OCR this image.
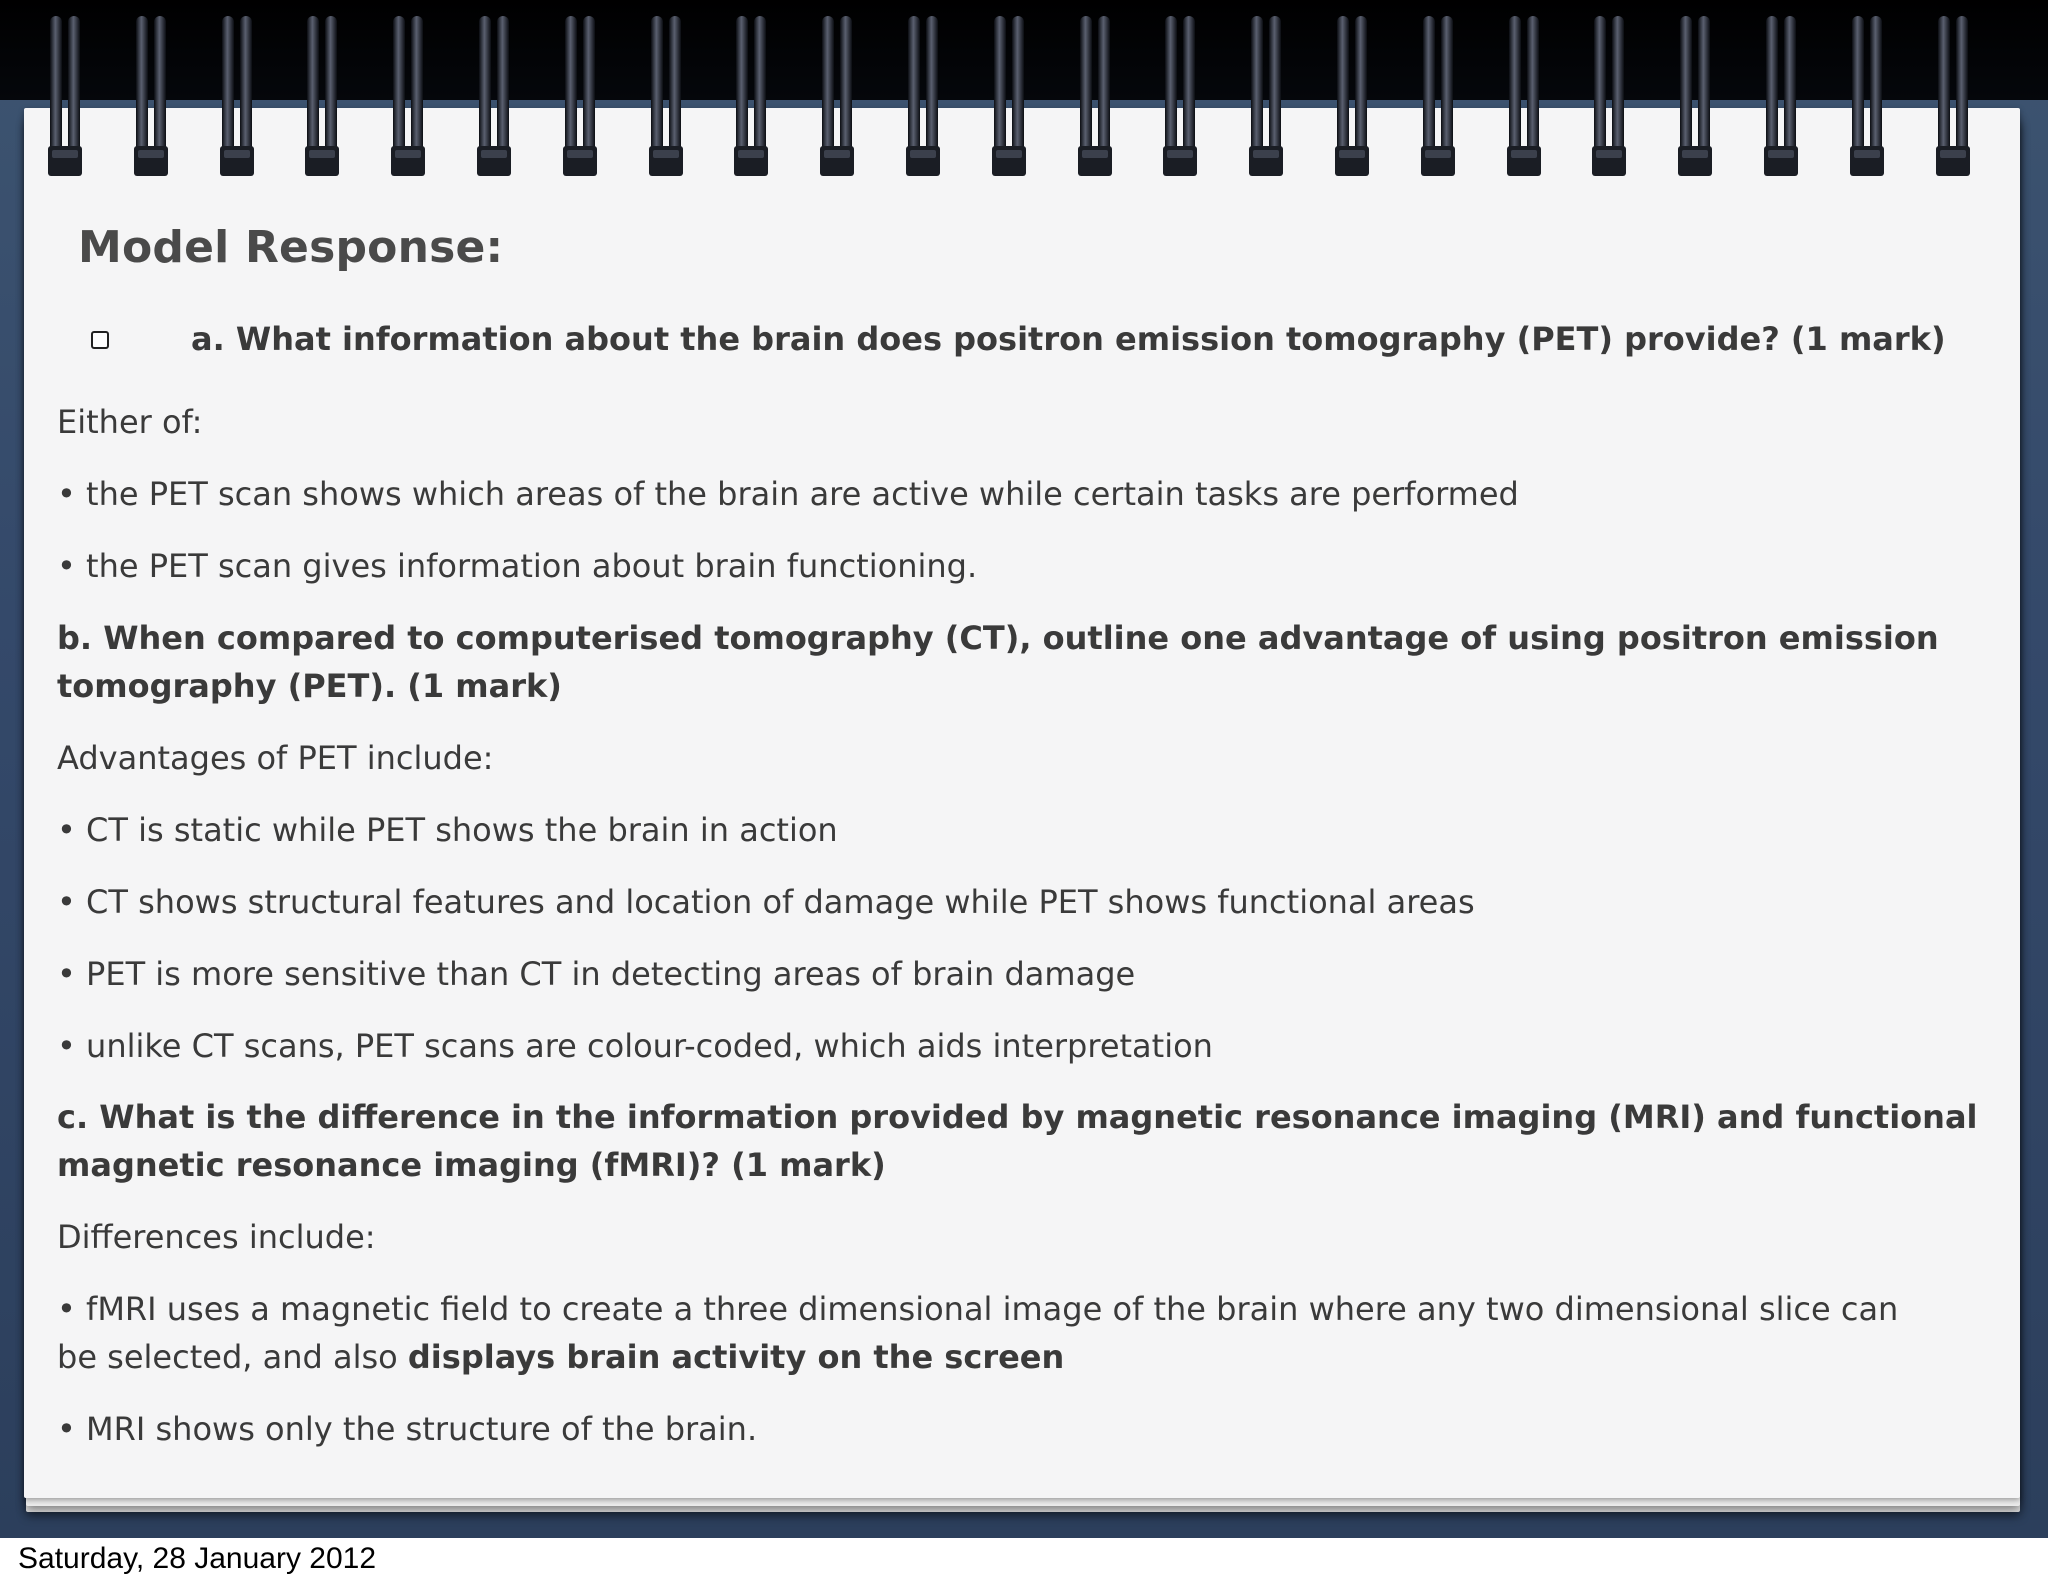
Model Response:
a. What information about the brain does positron emission tomography (PET) provide? (1 mark)
Either of:
• the PET scan shows which areas of the brain are active while certain tasks are performed
• the PET scan gives information about brain functioning.
b. When compared to computerised tomography (CT), outline one advantage of using positron emission
tomography (PET). (1 mark)
Advantages of PET include:
• CT is static while PET shows the brain in action
• CT shows structural features and location of damage while PET shows functional areas
• PET is more sensitive than CT in detecting areas of brain damage
• unlike CT scans, PET scans are colour-coded, which aids interpretation
c. What is the difference in the information provided by magnetic resonance imaging (MRI) and functional
magnetic resonance imaging (fMRI)? (1 mark)
Differences include:
• fMRI uses a magnetic field to create a three dimensional image of the brain where any two dimensional slice can
be selected, and also displays brain activity on the screen
• MRI shows only the structure of the brain.
Saturday, 28 January 2012
